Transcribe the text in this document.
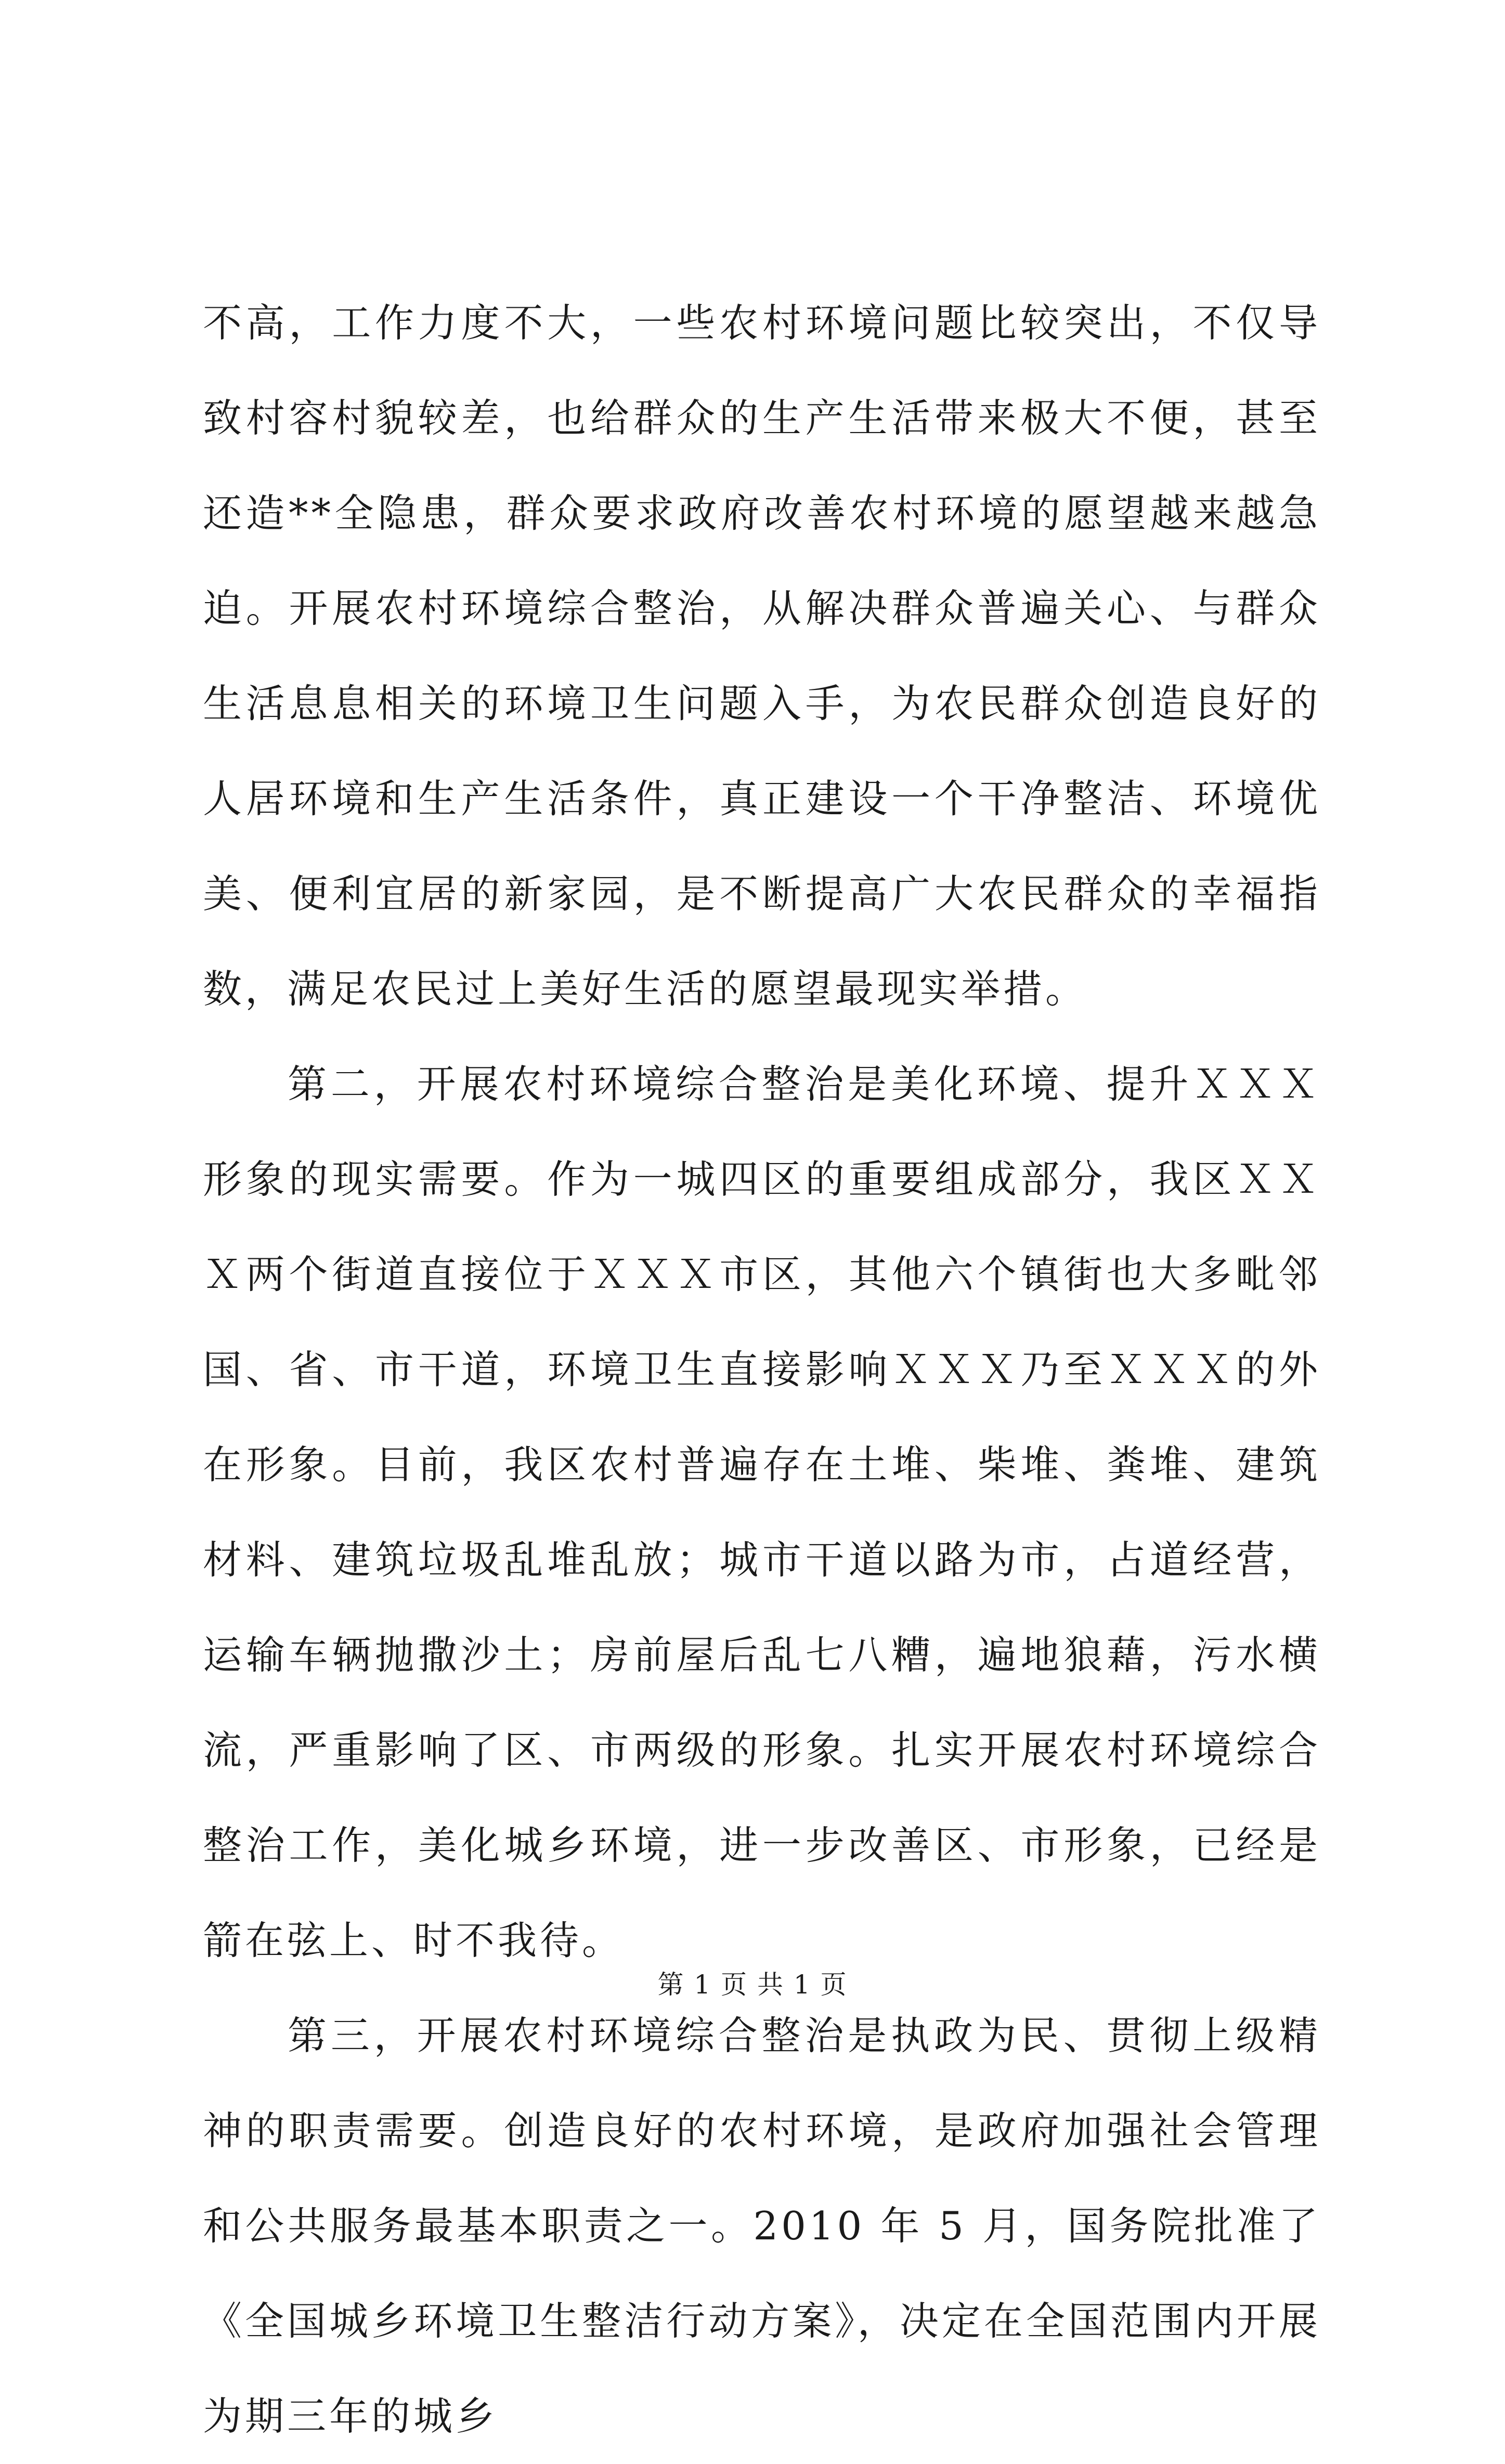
不高，工作力度不大，一些农村环境问题比较突出，不仅导致村容村貌较差，也给群众的生产生活带来极大不便，甚至还造**全隐患，群众要求政府改善农村环境的愿望越来越急迫。开展农村环境综合整治，从解决群众普遍关心、与群众生活息息相关的环境卫生问题入手，为农民群众创造良好的人居环境和生产生活条件，真正建设一个干净整洁、环境优美、便利宜居的新家园，是不断提高广大农民群众的幸福指数，满足农民过上美好生活的愿望最现实举措。

第二，开展农村环境综合整治是美化环境、提升ＸＸＸ形象的现实需要。作为一城四区的重要组成部分，我区ＸＸＸ两个街道直接位于ＸＸＸ市区，其他六个镇街也大多毗邻国、省、市干道，环境卫生直接影响ＸＸＸ乃至ＸＸＸ的外在形象。目前，我区农村普遍存在土堆、柴堆、粪堆、建筑材料、建筑垃圾乱堆乱放；城市干道以路为市，占道经营，运输车辆抛撒沙土；房前屋后乱七八糟，遍地狼藉，污水横流，严重影响了区、市两级的形象。扎实开展农村环境综合整治工作，美化城乡环境，进一步改善区、市形象，已经是箭在弦上、时不我待。

第三，开展农村环境综合整治是执政为民、贯彻上级精神的职责需要。创造良好的农村环境，是政府加强社会管理和公共服务最基本职责之一。2010 年 5 月，国务院批准了《全国城乡环境卫生整洁行动方案》，决定在全国范围内开展为期三年的城乡

第 1 页 共 1 页
